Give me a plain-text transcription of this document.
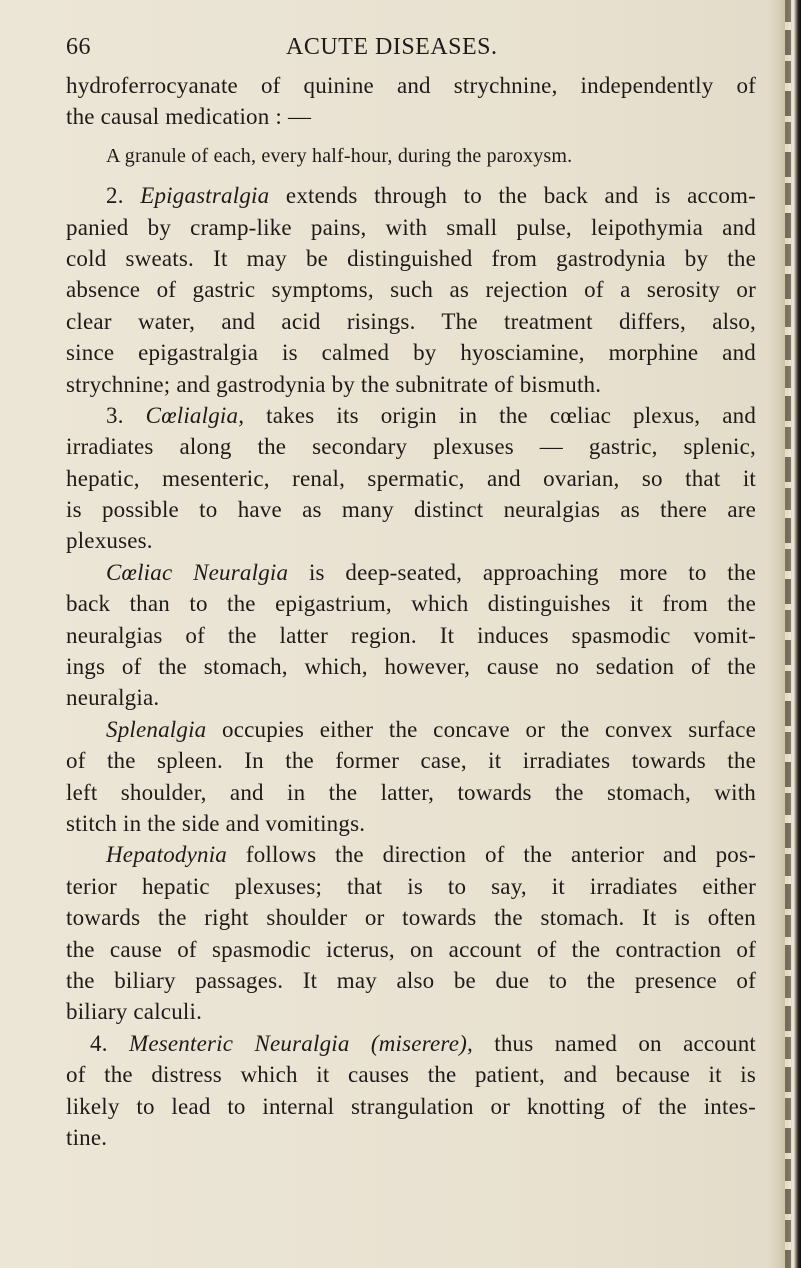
66	ACUTE DISEASES.
hydroferrocyanate of quinine and strychnine, independently of
the causal medication : —
A granule of each, every half-hour, during the paroxysm.
2. Epigastralgia extends through to the back and is accom-
panied by cramp-like pains, with small pulse, leipothymia and
cold sweats. It may be distinguished from gastrodynia by the
absence of gastric symptoms, such as rejection of a serosity or
clear water, and acid risings. The treatment differs, also,
since epigastralgia is calmed by hyosciamine, morphine and
strychnine; and gastrodynia by the subnitrate of bismuth.
3. Cœlialgia, takes its origin in the cœliac plexus, and
irradiates along the secondary plexuses — gastric, splenic,
hepatic, mesenteric, renal, spermatic, and ovarian, so that it
is possible to have as many distinct neuralgias as there are
plexuses.
Cœliac Neuralgia is deep-seated, approaching more to the
back than to the epigastrium, which distinguishes it from the
neuralgias of the latter region. It induces spasmodic vomit-
ings of the stomach, which, however, cause no sedation of the
neuralgia.
Splenalgia occupies either the concave or the convex surface
of the spleen. In the former case, it irradiates towards the
left shoulder, and in the latter, towards the stomach, with
stitch in the side and vomitings.
Hepatodynia follows the direction of the anterior and pos-
terior hepatic plexuses; that is to say, it irradiates either
towards the right shoulder or towards the stomach. It is often
the cause of spasmodic icterus, on account of the contraction of
the biliary passages. It may also be due to the presence of
biliary calculi.
4. Mesenteric Neuralgia (miserere), thus named on account
of the distress which it causes the patient, and because it is
likely to lead to internal strangulation or knotting of the intes-
tine.
